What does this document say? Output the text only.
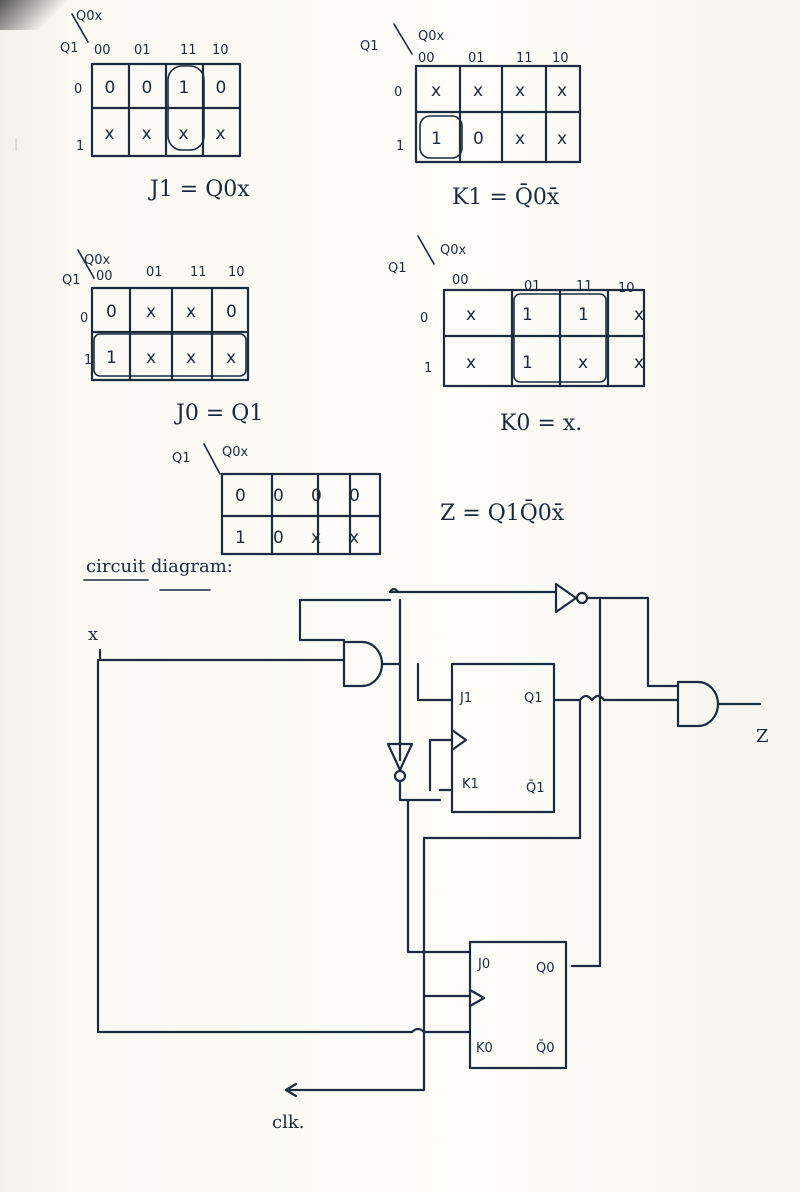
|
Q0x
Q1 00 01 11 10
0
1
0 0 1 0
x x x x
J1 = Q0x
Q0x
Q1
00	01 11 10
0
1
x x x x
1 0 x x
K1 = Q̄0x̄
Q0x
Q1 00	01 11 10
0
1
0 x x 0
1 x x x
J0 = Q1
Q0x
Q1
00	01	11 10
0
1
x	1	1	x
x	1	x	x
K0 = x.
Q0x
Q1
0 0 0 0
1 0 x x
Z = Q1Q̄0x̄
circuit diagram:
x
Z
J1	Q1
K1	Q̄1
clk.
J0	Q0
K0	Q̄0
